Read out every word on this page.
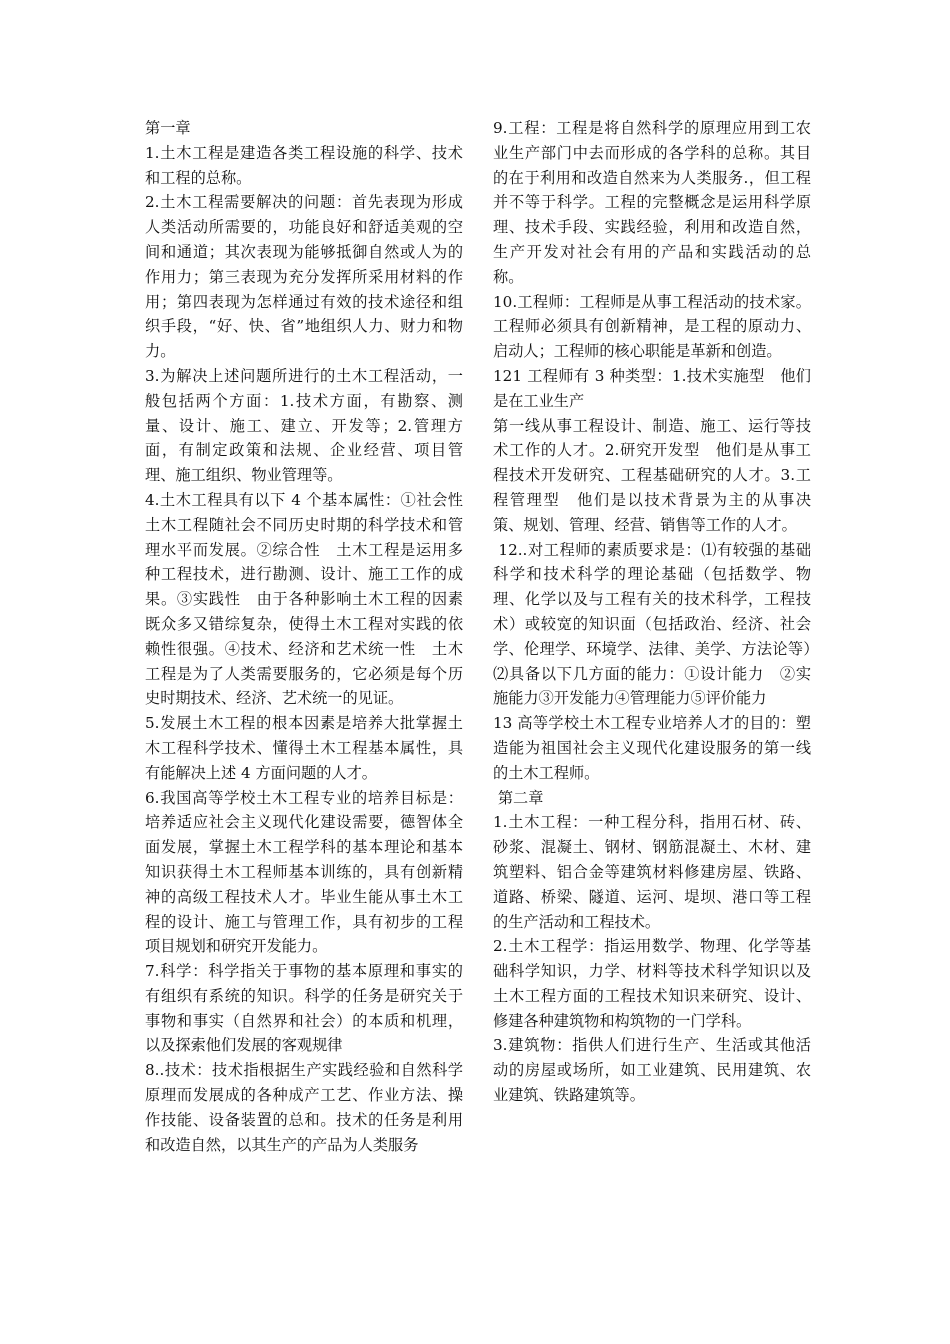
第一章

1.土木工程是建造各类工程设施的科学、技术和工程的总称。

2.土木工程需要解决的问题：首先表现为形成人类活动所需要的，功能良好和舒适美观的空间和通道；其次表现为能够抵御自然或人为的作用力；第三表现为充分发挥所采用材料的作用；第四表现为怎样通过有效的技术途径和组织手段，“好、快、省”地组织人力、财力和物力。

3.为解决上述问题所进行的土木工程活动，一般包括两个方面：1.技术方面，有勘察、测量、设计、施工、建立、开发等；2.管理方面，有制定政策和法规、企业经营、项目管理、施工组织、物业管理等。

4.土木工程具有以下 4 个基本属性：①社会性　土木工程随社会不同历史时期的科学技术和管理水平而发展。②综合性　土木工程是运用多种工程技术，进行勘测、设计、施工工作的成果。③实践性　由于各种影响土木工程的因素既众多又错综复杂，使得土木工程对实践的依赖性很强。④技术、经济和艺术统一性　土木工程是为了人类需要服务的，它必须是每个历史时期技术、经济、艺术统一的见证。

5.发展土木工程的根本因素是培养大批掌握土木工程科学技术、懂得土木工程基本属性，具有能解决上述 4 方面问题的人才。

6.我国高等学校土木工程专业的培养目标是：培养适应社会主义现代化建设需要，德智体全面发展，掌握土木工程学科的基本理论和基本知识获得土木工程师基本训练的，具有创新精神的高级工程技术人才。毕业生能从事土木工程的设计、施工与管理工作，具有初步的工程项目规划和研究开发能力。

7.科学：科学指关于事物的基本原理和事实的有组织有系统的知识。科学的任务是研究关于事物和事实（自然界和社会）的本质和机理，以及探索他们发展的客观规律

8..技术：技术指根据生产实践经验和自然科学原理而发展成的各种成产工艺、作业方法、操作技能、设备装置的总和。技术的任务是利用和改造自然，以其生产的产品为人类服务

9.工程：工程是将自然科学的原理应用到工农业生产部门中去而形成的各学科的总称。其目的在于利用和改造自然来为人类服务.，但工程并不等于科学。工程的完整概念是运用科学原理、技术手段、实践经验，利用和改造自然，生产开发对社会有用的产品和实践活动的总称。

10.工程师：工程师是从事工程活动的技术家。工程师必须具有创新精神，是工程的原动力、启动人；工程师的核心职能是革新和创造。

121 工程师有 3 种类型：1.技术实施型　他们是在工业生产

第一线从事工程设计、制造、施工、运行等技术工作的人才。2.研究开发型　他们是从事工程技术开发研究、工程基础研究的人才。3.工程管理型　他们是以技术背景为主的从事决策、规划、管理、经营、销售等工作的人才。

12..对工程师的素质要求是：⑴有较强的基础科学和技术科学的理论基础（包括数学、物理、化学以及与工程有关的技术科学，工程技术）或较宽的知识面（包括政治、经济、社会学、伦理学、环境学、法律、美学、方法论等）⑵具备以下几方面的能力：①设计能力　②实施能力③开发能力④管理能力⑤评价能力

13 高等学校土木工程专业培养人才的目的：塑造能为祖国社会主义现代化建设服务的第一线的土木工程师。

第二章

1.土木工程：一种工程分科，指用石材、砖、砂浆、混凝土、钢材、钢筋混凝土、木材、建筑塑料、铝合金等建筑材料修建房屋、铁路、道路、桥梁、隧道、运河、堤坝、港口等工程的生产活动和工程技术。

2.土木工程学：指运用数学、物理、化学等基础科学知识，力学、材料等技术科学知识以及土木工程方面的工程技术知识来研究、设计、修建各种建筑物和构筑物的一门学科。

3.建筑物：指供人们进行生产、生活或其他活动的房屋或场所，如工业建筑、民用建筑、农业建筑、铁路建筑等。
